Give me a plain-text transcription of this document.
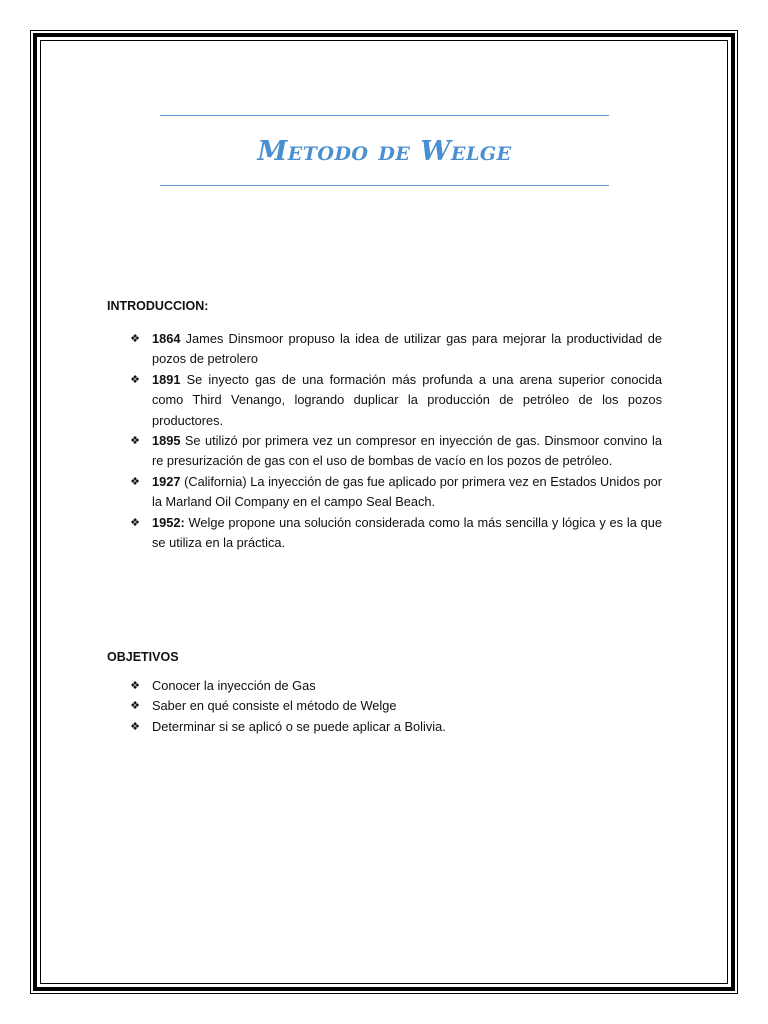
Metodo de Welge
INTRODUCCION:
❖ 1864 James Dinsmoor propuso la idea de utilizar gas para mejorar la productividad de pozos de petrolero
❖ 1891 Se inyecto gas de una formación más profunda a una arena superior conocida como Third Venango, logrando duplicar la producción de petróleo de los pozos productores.
❖ 1895 Se utilizó por primera vez un compresor en inyección de gas. Dinsmoor convino la re presurización de gas con el uso de bombas de vacío en los pozos de petróleo.
❖ 1927 (California) La inyección de gas fue aplicado por primera vez en Estados Unidos por la Marland Oil Company en el campo Seal Beach.
❖ 1952: Welge propone una solución considerada como la más sencilla y lógica y es la que se utiliza en la práctica.
OBJETIVOS
❖ Conocer la inyección de Gas
❖ Saber en qué consiste el método de Welge
❖ Determinar si se aplicó o se puede aplicar a Bolivia.
